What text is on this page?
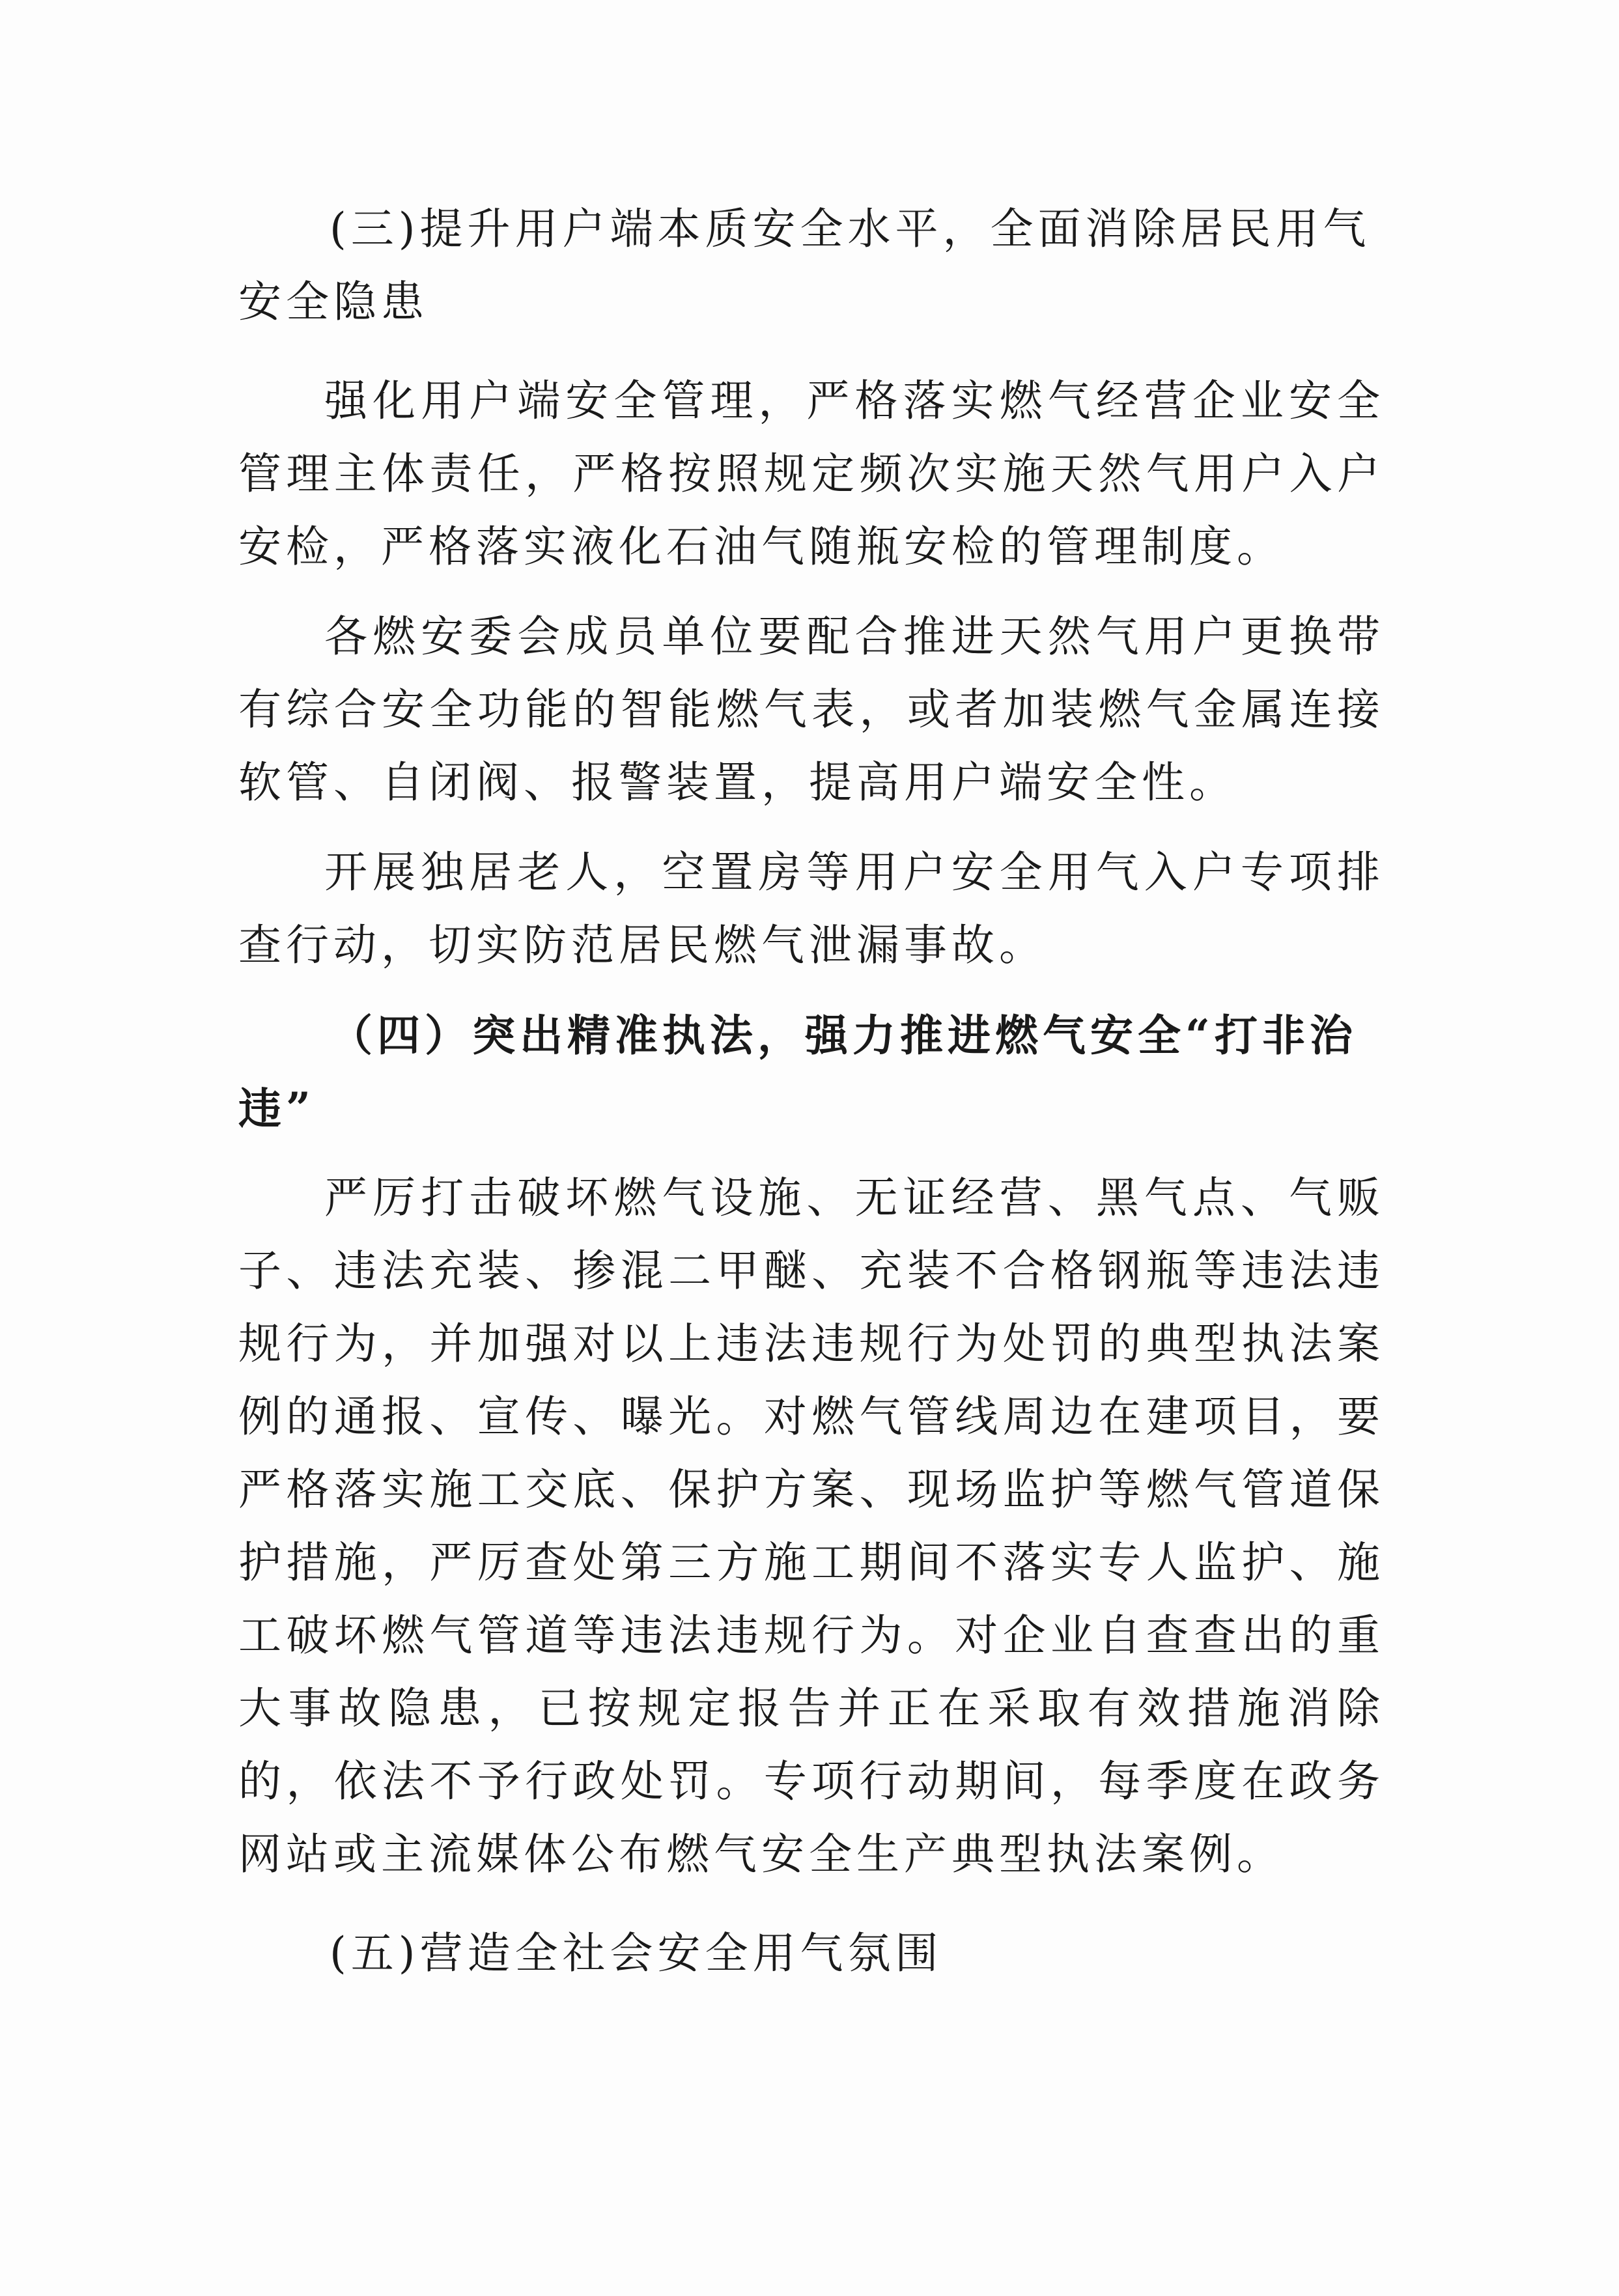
(三)提升用户端本质安全水平，全面消除居民用气安全隐患

强化用户端安全管理，严格落实燃气经营企业安全管理主体责任，严格按照规定频次实施天然气用户入户安检，严格落实液化石油气随瓶安检的管理制度。

各燃安委会成员单位要配合推进天然气用户更换带有综合安全功能的智能燃气表，或者加装燃气金属连接软管、自闭阀、报警装置，提高用户端安全性。

开展独居老人，空置房等用户安全用气入户专项排查行动，切实防范居民燃气泄漏事故。

（四）突出精准执法，强力推进燃气安全“打非治违”

严厉打击破坏燃气设施、无证经营、黑气点、气贩子、违法充装、掺混二甲醚、充装不合格钢瓶等违法违规行为，并加强对以上违法违规行为处罚的典型执法案例的通报、宣传、曝光。对燃气管线周边在建项目，要严格落实施工交底、保护方案、现场监护等燃气管道保护措施，严厉查处第三方施工期间不落实专人监护、施工破坏燃气管道等违法违规行为。对企业自查查出的重大事故隐患，已按规定报告并正在采取有效措施消除的，依法不予行政处罚。专项行动期间，每季度在政务网站或主流媒体公布燃气安全生产典型执法案例。

(五)营造全社会安全用气氛围
